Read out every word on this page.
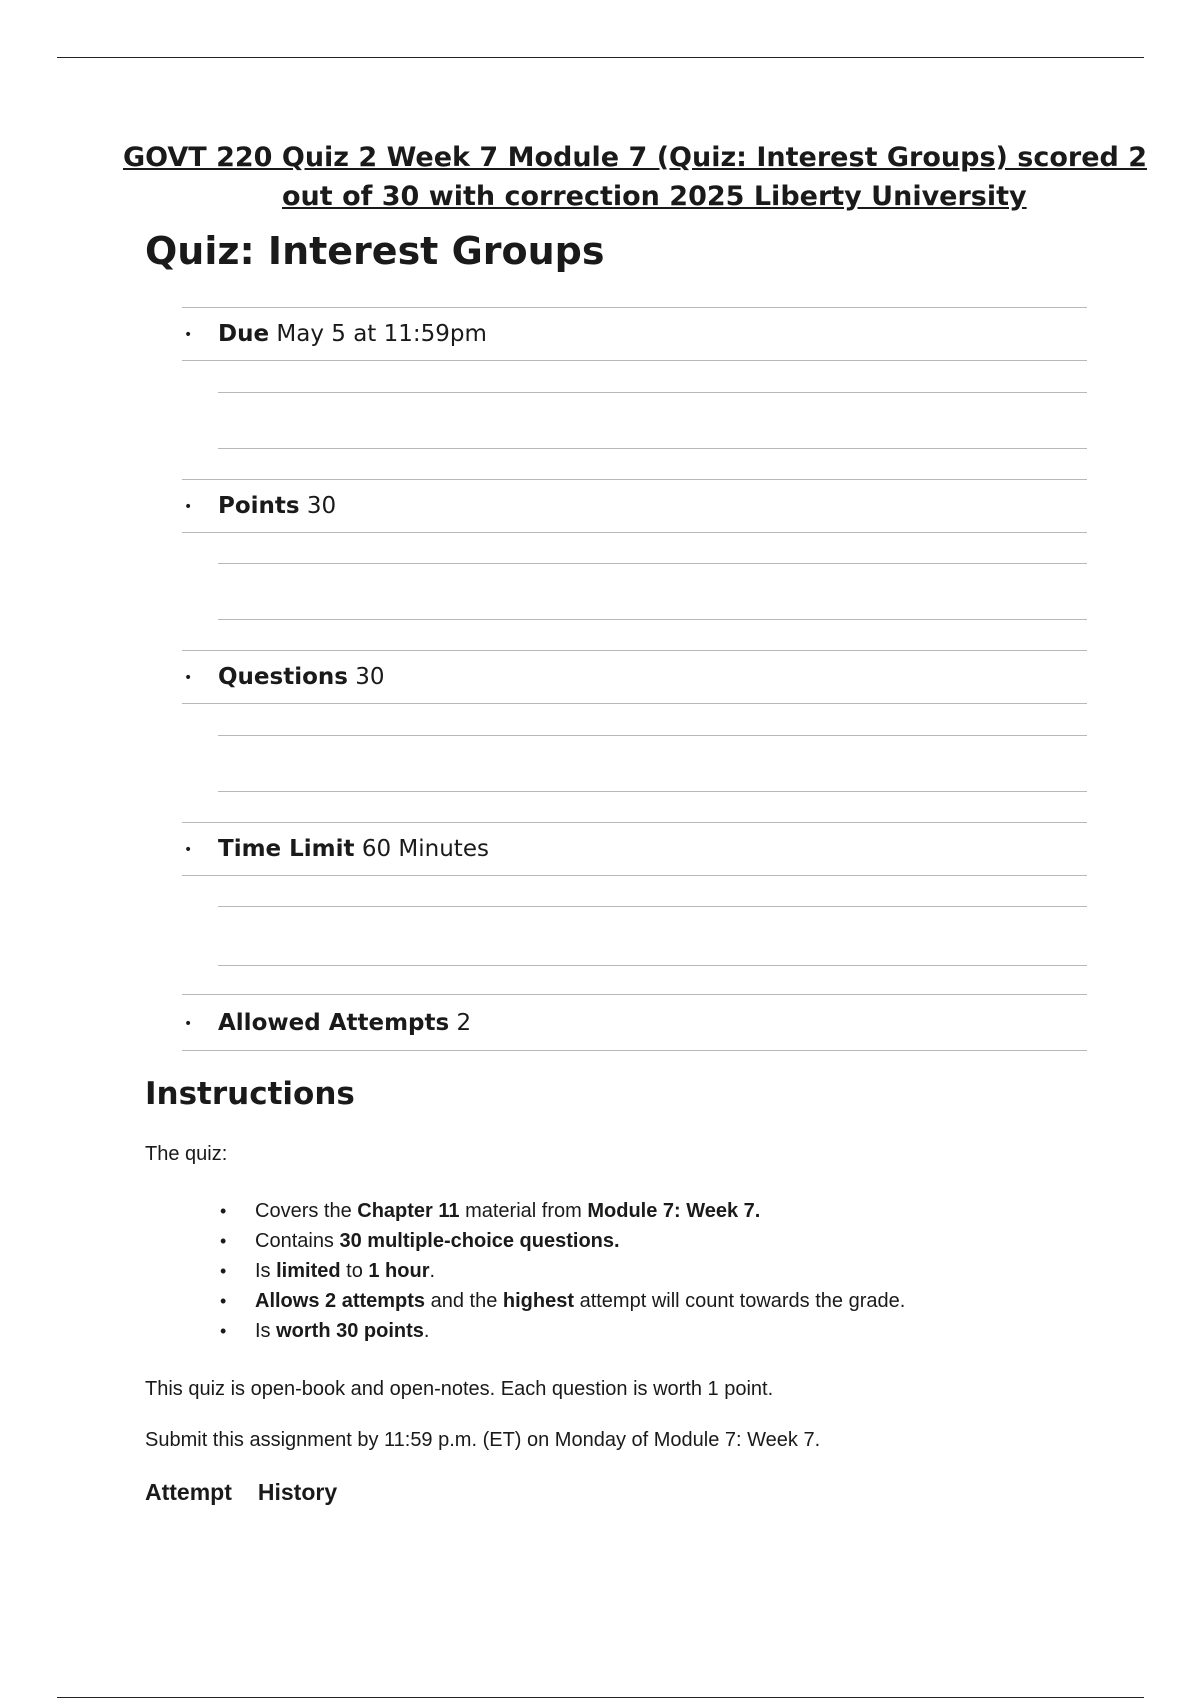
GOVT 220 Quiz 2 Week 7 Module 7 (Quiz: Interest Groups) scored 2
out of 30 with correction 2025 Liberty University
Quiz: Interest Groups
• Due May 5 at 11:59pm
• Points 30
• Questions 30
• Time Limit 60 Minutes
• Allowed Attempts 2
Instructions

The quiz:

• Covers the Chapter 11 material from Module 7: Week 7.
• Contains 30 multiple-choice questions.
• Is limited to 1 hour.
• Allows 2 attempts and the highest attempt will count towards the grade.
• Is worth 30 points.

This quiz is open-book and open-notes. Each question is worth 1 point.

Submit this assignment by 11:59 p.m. (ET) on Monday of Module 7: Week 7.

Attempt History
